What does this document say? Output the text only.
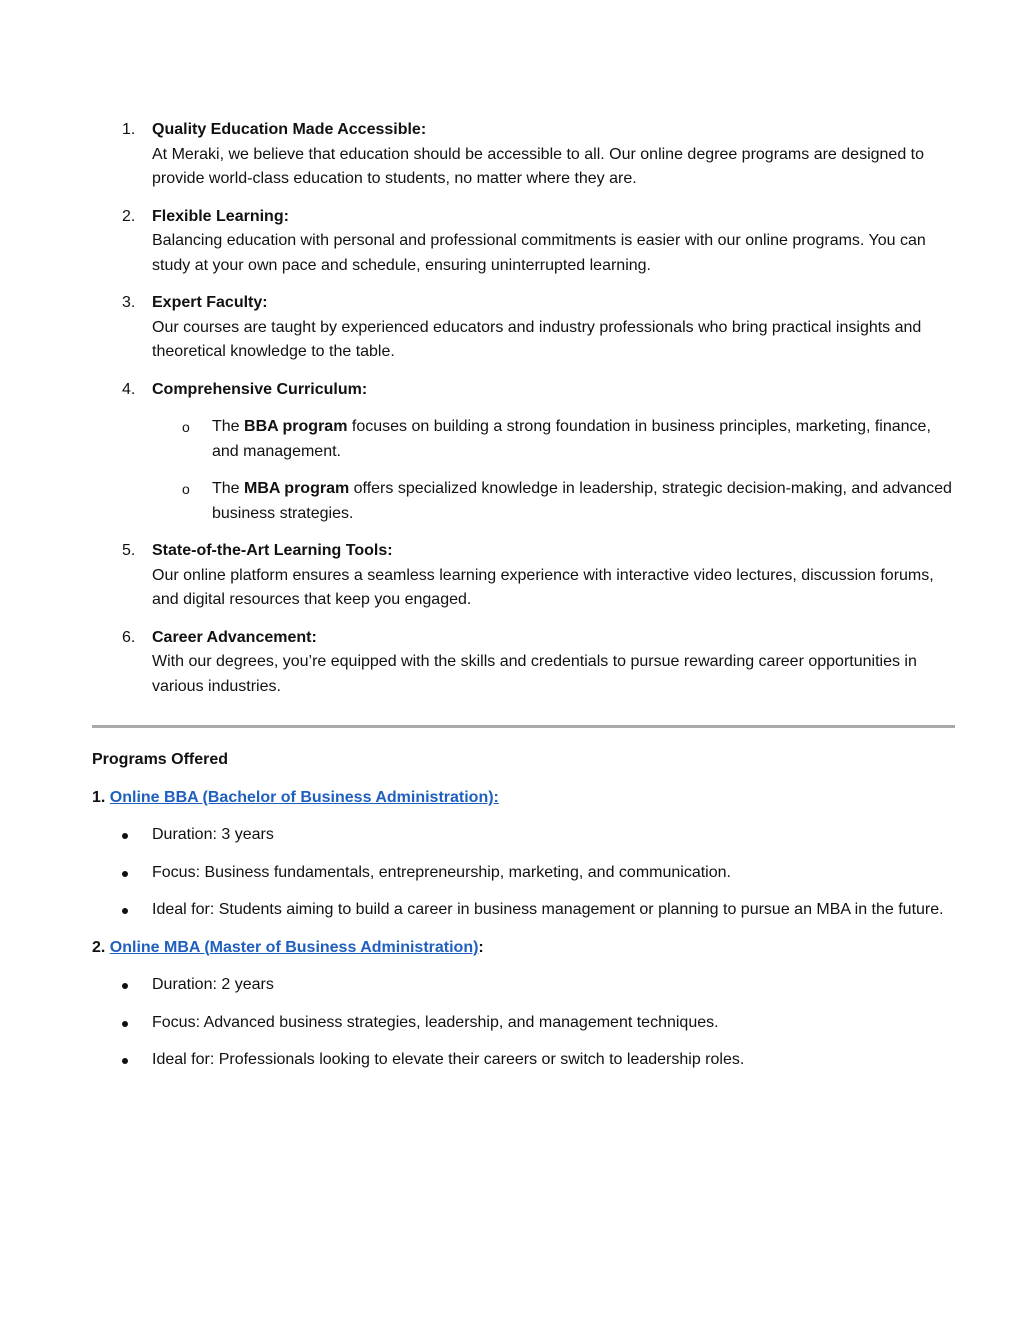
1.	Quality Education Made Accessible:
At Meraki, we believe that education should be accessible to all. Our online degree programs are designed to provide world-class education to students, no matter where they are.
2.	Flexible Learning:
Balancing education with personal and professional commitments is easier with our online programs. You can study at your own pace and schedule, ensuring uninterrupted learning.
3.	Expert Faculty:
Our courses are taught by experienced educators and industry professionals who bring practical insights and theoretical knowledge to the table.
4.	Comprehensive Curriculum:
o The BBA program focuses on building a strong foundation in business principles, marketing, finance, and management.
o The MBA program offers specialized knowledge in leadership, strategic decision-making, and advanced business strategies.
5.	State-of-the-Art Learning Tools:
Our online platform ensures a seamless learning experience with interactive video lectures, discussion forums, and digital resources that keep you engaged.
6.	Career Advancement:
With our degrees, you’re equipped with the skills and credentials to pursue rewarding career opportunities in various industries.

Programs Offered

1. Online BBA (Bachelor of Business Administration):

Duration: 3 years
Focus: Business fundamentals, entrepreneurship, marketing, and communication.
Ideal for: Students aiming to build a career in business management or planning to pursue an MBA in the future.

2. Online MBA (Master of Business Administration):

Duration: 2 years
Focus: Advanced business strategies, leadership, and management techniques.
Ideal for: Professionals looking to elevate their careers or switch to leadership roles.
